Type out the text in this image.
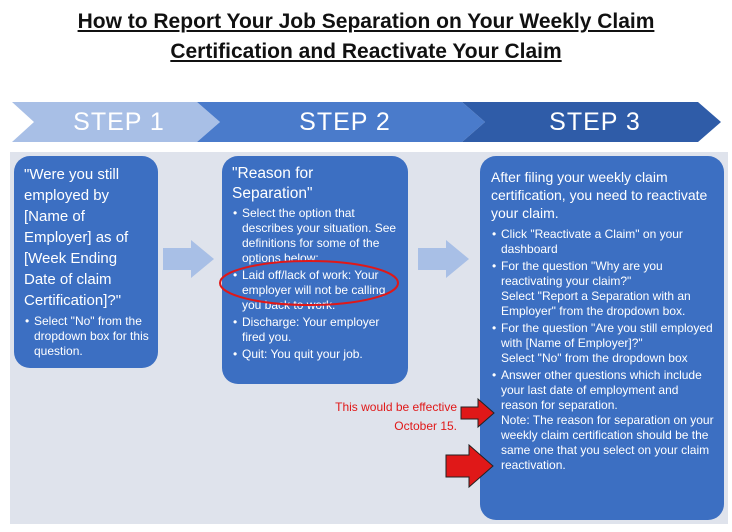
How to Report Your Job Separation on Your Weekly Claim
Certification and Reactivate Your Claim
STEP 1	STEP 2	STEP 3
"Were you still employed by [Name of Employer] as of [Week Ending Date of claim Certification]?"
• Select "No" from the dropdown box for this question.
"Reason for Separation"
• Select the option that describes your situation. See definitions for some of the options below:
• Laid off/lack of work: Your employer will not be calling you back to work.
• Discharge: Your employer fired you.
• Quit: You quit your job.
After filing your weekly claim certification, you need to reactivate your claim.
• Click "Reactivate a Claim" on your dashboard
• For the question "Why are you reactivating your claim?"
Select "Report a Separation with an Employer" from the dropdown box.
• For the question "Are you still employed with [Name of Employer]?"
Select "No" from the dropdown box
• Answer other questions which include your last date of employment and reason for separation.
Note: The reason for separation on your weekly claim certification should be the same one that you select on your claim reactivation.
This would be effective
October 15.
